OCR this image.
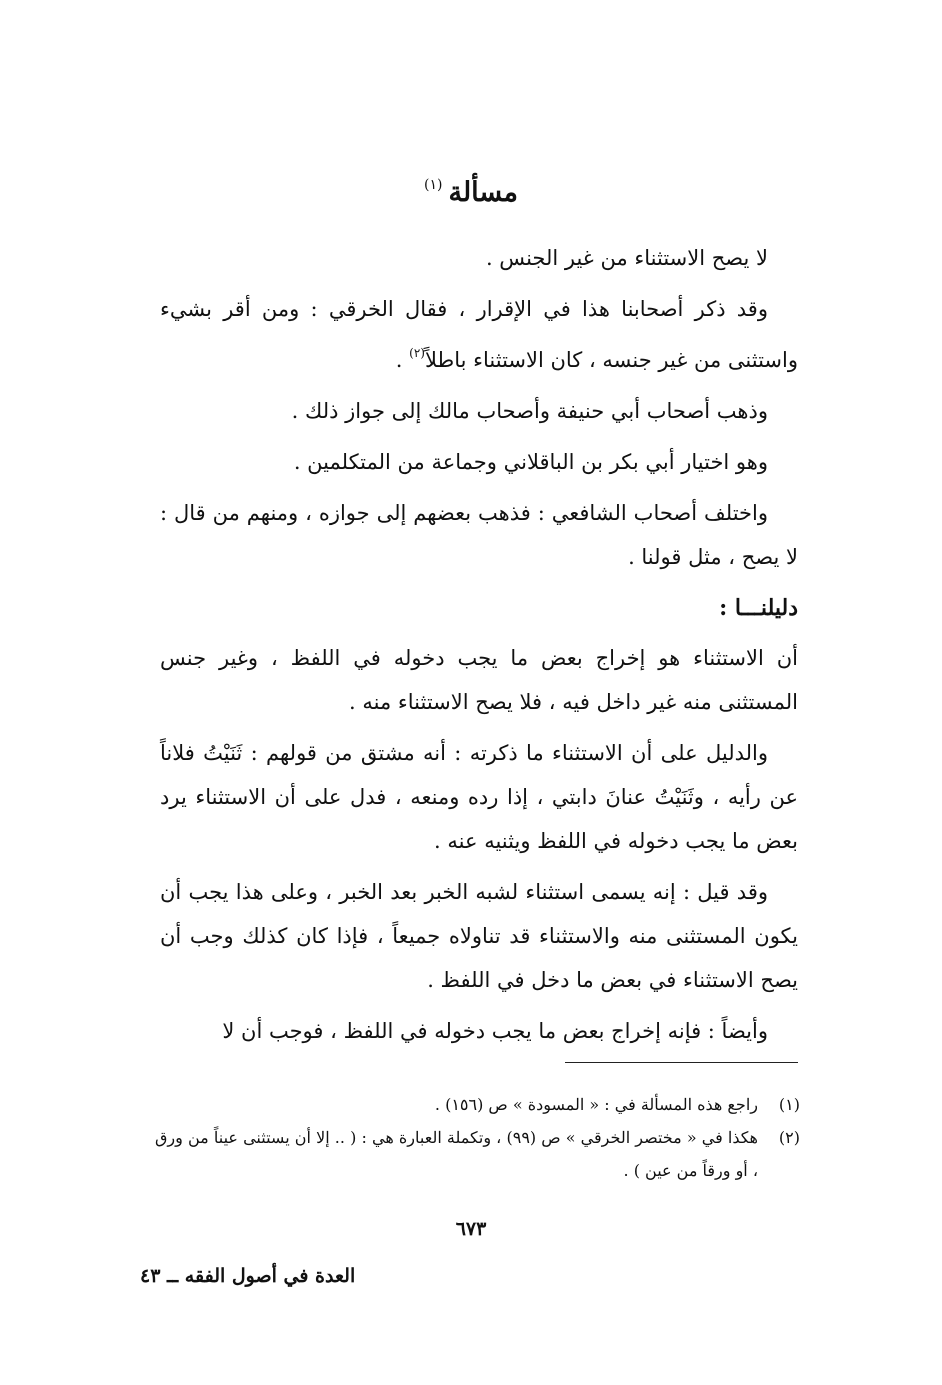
مسألة$^{(١)}$

لا يصح الاستثناء من غير الجنس .

وقد ذكر أصحابنا هذا في الإقرار ، فقال الخرقي : ومن أقر بشيء واستثنى من غير جنسه ، كان الاستثناء باطلاً$^{(٢)}$ .

وذهب أصحاب أبي حنيفة وأصحاب مالك إلى جواز ذلك .

وهو اختيار أبي بكر بن الباقلاني وجماعة من المتكلمين .

واختلف أصحاب الشافعي : فذهب بعضهم إلى جوازه ، ومنهم من قال : لا يصح ، مثل قولنا .

دليلنـــا :

أن الاستثناء هو إخراج بعض ما يجب دخوله في اللفظ ، وغير جنس المستثنى منه غير داخل فيه ، فلا يصح الاستثناء منه .

والدليل على أن الاستثناء ما ذكرته : أنه مشتق من قولهم : ثَنَيْتُ فلاناً عن رأيه ، وثَنَيْتُ عنانَ دابتي ، إذا رده ومنعه ، فدل على أن الاستثناء يرد بعض ما يجب دخوله في اللفظ ويثنيه عنه .

وقد قيل : إنه يسمى استثناء لشبه الخبر بعد الخبر ، وعلى هذا يجب أن يكون المستثنى منه والاستثناء قد تناولاه جميعاً ، فإذا كان كذلك وجب أن يصح الاستثناء في بعض ما دخل في اللفظ .

وأيضاً : فإنه إخراج بعض ما يجب دخوله في اللفظ ، فوجب أن لا

(١)
راجع هذه المسألة في : « المسودة » ص (١٥٦) .
(٢)
هكذا في « مختصر الخرقي » ص (٩٩) ، وتكملة العبارة هي : ( .. إلا أن يستثنى عيناً من ورق ، أو ورقاً من عين ) .
٦٧٣
العدة في أصول الفقه ــ ٤٣
